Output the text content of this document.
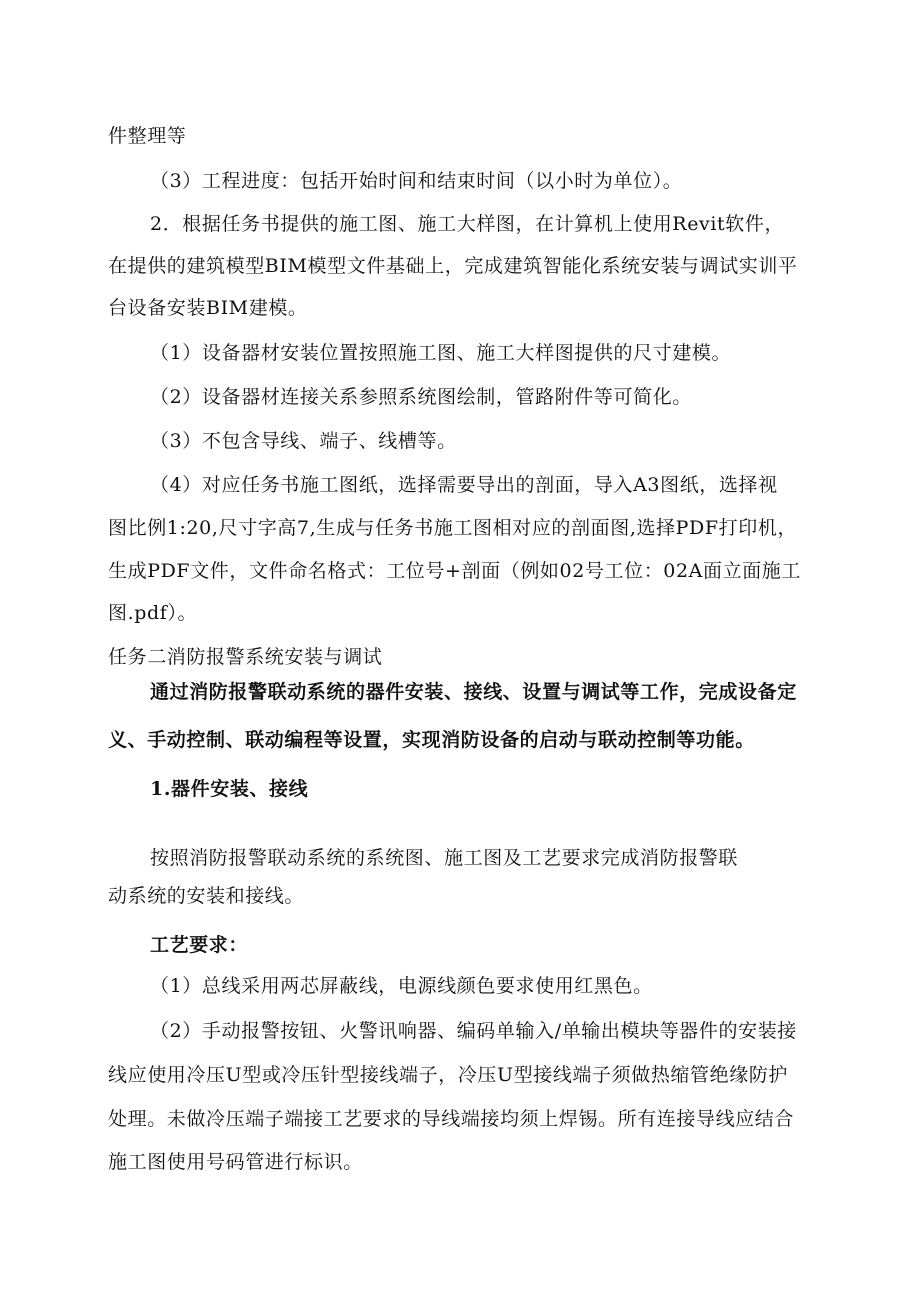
件整理等
（3）工程进度：包括开始时间和结束时间（以小时为单位）。
2．根据任务书提供的施工图、施工大样图，在计算机上使用Revit软件，
在提供的建筑模型BIM模型文件基础上，完成建筑智能化系统安装与调试实训平
台设备安装BIM建模。
（1）设备器材安装位置按照施工图、施工大样图提供的尺寸建模。
（2）设备器材连接关系参照系统图绘制，管路附件等可简化。
（3）不包含导线、端子、线槽等。
（4）对应任务书施工图纸，选择需要导出的剖面，导入A3图纸，选择视
图比例1:20,尺寸字高7,生成与任务书施工图相对应的剖面图,选择PDF打印机，
生成PDF文件，文件命名格式：工位号+剖面（例如02号工位：02A面立面施工
图.pdf）。
任务二消防报警系统安装与调试
通过消防报警联动系统的器件安装、接线、设置与调试等工作，完成设备定
义、手动控制、联动编程等设置，实现消防设备的启动与联动控制等功能。
1.器件安装、接线
按照消防报警联动系统的系统图、施工图及工艺要求完成消防报警联
动系统的安装和接线。
工艺要求：
（1）总线采用两芯屏蔽线，电源线颜色要求使用红黑色。
（2）手动报警按钮、火警讯响器、编码单输入/单输出模块等器件的安装接
线应使用冷压U型或冷压针型接线端子，冷压U型接线端子须做热缩管绝缘防护
处理。未做冷压端子端接工艺要求的导线端接均须上焊锡。所有连接导线应结合
施工图使用号码管进行标识。
